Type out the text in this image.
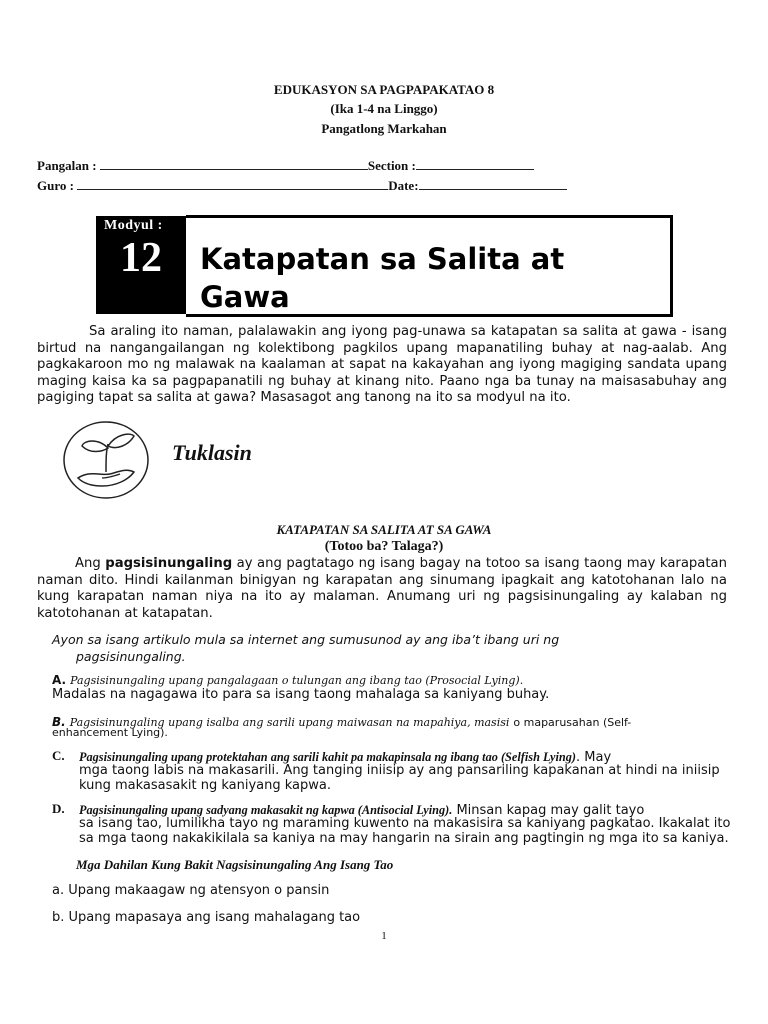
EDUKASYON SA PAGPAPAKATAO 8
(Ika 1-4 na Linggo)
Pangatlong Markahan
Pangalan :	Section :
Guro :	Date:
Modyul :
12	Katapatan sa Salita at
Gawa
Sa araling ito naman, palalawakin ang iyong pag-unawa sa katapatan sa salita at gawa - isang birtud na nangangailangan ng kolektibong pagkilos upang mapanatiling buhay at nag-aalab. Ang pagkakaroon mo ng malawak na kaalaman at sapat na kakayahan ang iyong magiging sandata upang maging kaisa ka sa pagpapanatili ng buhay at kinang nito. Paano nga ba tunay na maisasabuhay ang pagiging tapat sa salita at gawa? Masasagot ang tanong na ito sa modyul na ito.
Tuklasin
KATAPATAN SA SALITA AT SA GAWA
(Totoo ba? Talaga?)
Ang pagsisinungaling ay ang pagtatago ng isang bagay na totoo sa isang taong may karapatan naman dito. Hindi kailanman binigyan ng karapatan ang sinumang ipagkait ang katotohanan lalo na kung karapatan naman niya na ito ay malaman. Anumang uri ng pagsisinungaling ay kalaban ng katotohanan at katapatan.
Ayon sa isang artikulo mula sa internet ang sumusunod ay ang iba’t ibang uri ng
pagsisinungaling.
A. Pagsisinungaling upang pangalagaan o tulungan ang ibang tao (Prosocial Lying).
Madalas na nagagawa ito para sa isang taong mahalaga sa kaniyang buhay.
B. Pagsisinungaling upang isalba ang sarili upang maiwasan na mapahiya, masisi o maparusahan (Self-
enhancement Lying).
C. Pagsisinungaling upang protektahan ang sarili kahit pa makapinsala ng ibang tao (Selfish Lying). May
mga taong labis na makasarili. Ang tanging iniisip ay ang pansariling kapakanan at hindi na iniisip
kung makasasakit ng kaniyang kapwa.
D. Pagsisinungaling upang sadyang makasakit ng kapwa (Antisocial Lying). Minsan kapag may galit tayo
sa isang tao, lumilikha tayo ng maraming kuwento na makasisira sa kaniyang pagkatao. Ikakalat ito
sa mga taong nakakikilala sa kaniya na may hangarin na sirain ang pagtingin ng mga ito sa kaniya.
Mga Dahilan Kung Bakit Nagsisinungaling Ang Isang Tao
a. Upang makaagaw ng atensyon o pansin
b. Upang mapasaya ang isang mahalagang tao
1
